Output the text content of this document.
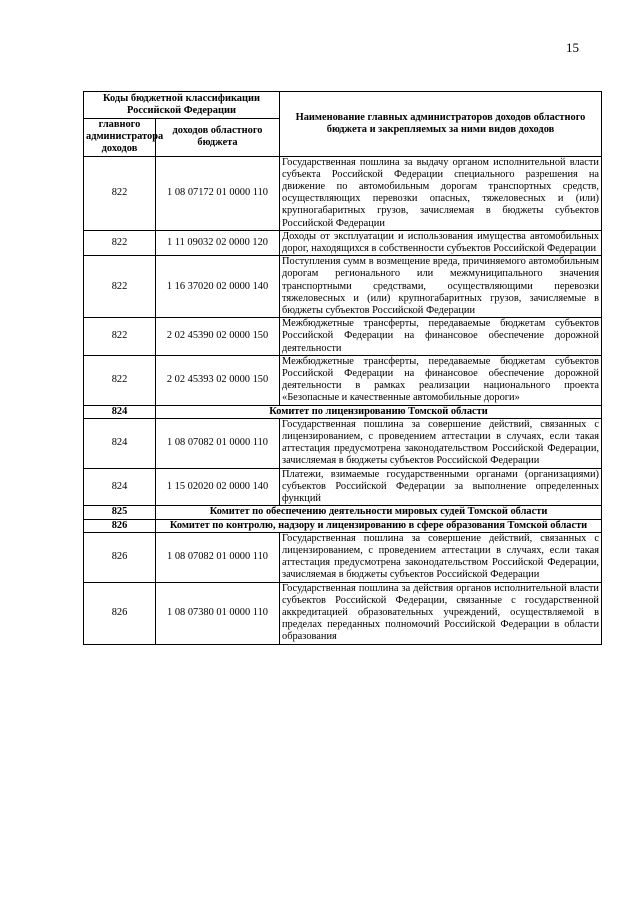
15
Коды бюджетной классификации Российской Федерации		Наименование главных администраторов доходов областного бюджета и закрепляемых за ними видов доходов
главного администратора доходов	доходов областного бюджета	
822	1 08 07172 01 0000 110	Государственная пошлина за выдачу органом исполнительной власти субъекта Российской Федерации специального разрешения на движение по автомобильным дорогам транспортных средств, осуществляющих перевозки опасных, тяжеловесных и (или) крупногабаритных грузов, зачисляемая в бюджеты субъектов Российской Федерации
822	1 11 09032 02 0000 120	Доходы от эксплуатации и использования имущества автомобильных дорог, находящихся в собственности субъектов Российской Федерации
822	1 16 37020 02 0000 140	Поступления сумм в возмещение вреда, причиняемого автомобильным дорогам регионального или межмуниципального значения транспортными средствами, осуществляющими перевозки тяжеловесных и (или) крупногабаритных грузов, зачисляемые в бюджеты субъектов Российской Федерации
822	2 02 45390 02 0000 150	Межбюджетные трансферты, передаваемые бюджетам субъектов Российской Федерации на финансовое обеспечение дорожной деятельности
822	2 02 45393 02 0000 150	Межбюджетные трансферты, передаваемые бюджетам субъектов Российской Федерации на финансовое обеспечение дорожной деятельности в рамках реализации национального проекта «Безопасные и качественные автомобильные дороги»
824	Комитет по лицензированию Томской области	
824	1 08 07082 01 0000 110	Государственная пошлина за совершение действий, связанных с лицензированием, с проведением аттестации в случаях, если такая аттестация предусмотрена законодательством Российской Федерации, зачисляемая в бюджеты субъектов Российской Федерации
824	1 15 02020 02 0000 140	Платежи, взимаемые государственными органами (организациями) субъектов Российской Федерации за выполнение определенных функций
825	Комитет по обеспечению деятельности мировых судей Томской области	
826	Комитет по контролю, надзору и лицензированию в сфере образования Томской области	
826	1 08 07082 01 0000 110	Государственная пошлина за совершение действий, связанных с лицензированием, с проведением аттестации в случаях, если такая аттестация предусмотрена законодательством Российской Федерации, зачисляемая в бюджеты субъектов Российской Федерации
826	1 08 07380 01 0000 110	Государственная пошлина за действия органов исполнительной власти субъектов Российской Федерации, связанные с государственной аккредитацией образовательных учреждений, осуществляемой в пределах переданных полномочий Российской Федерации в области образования
